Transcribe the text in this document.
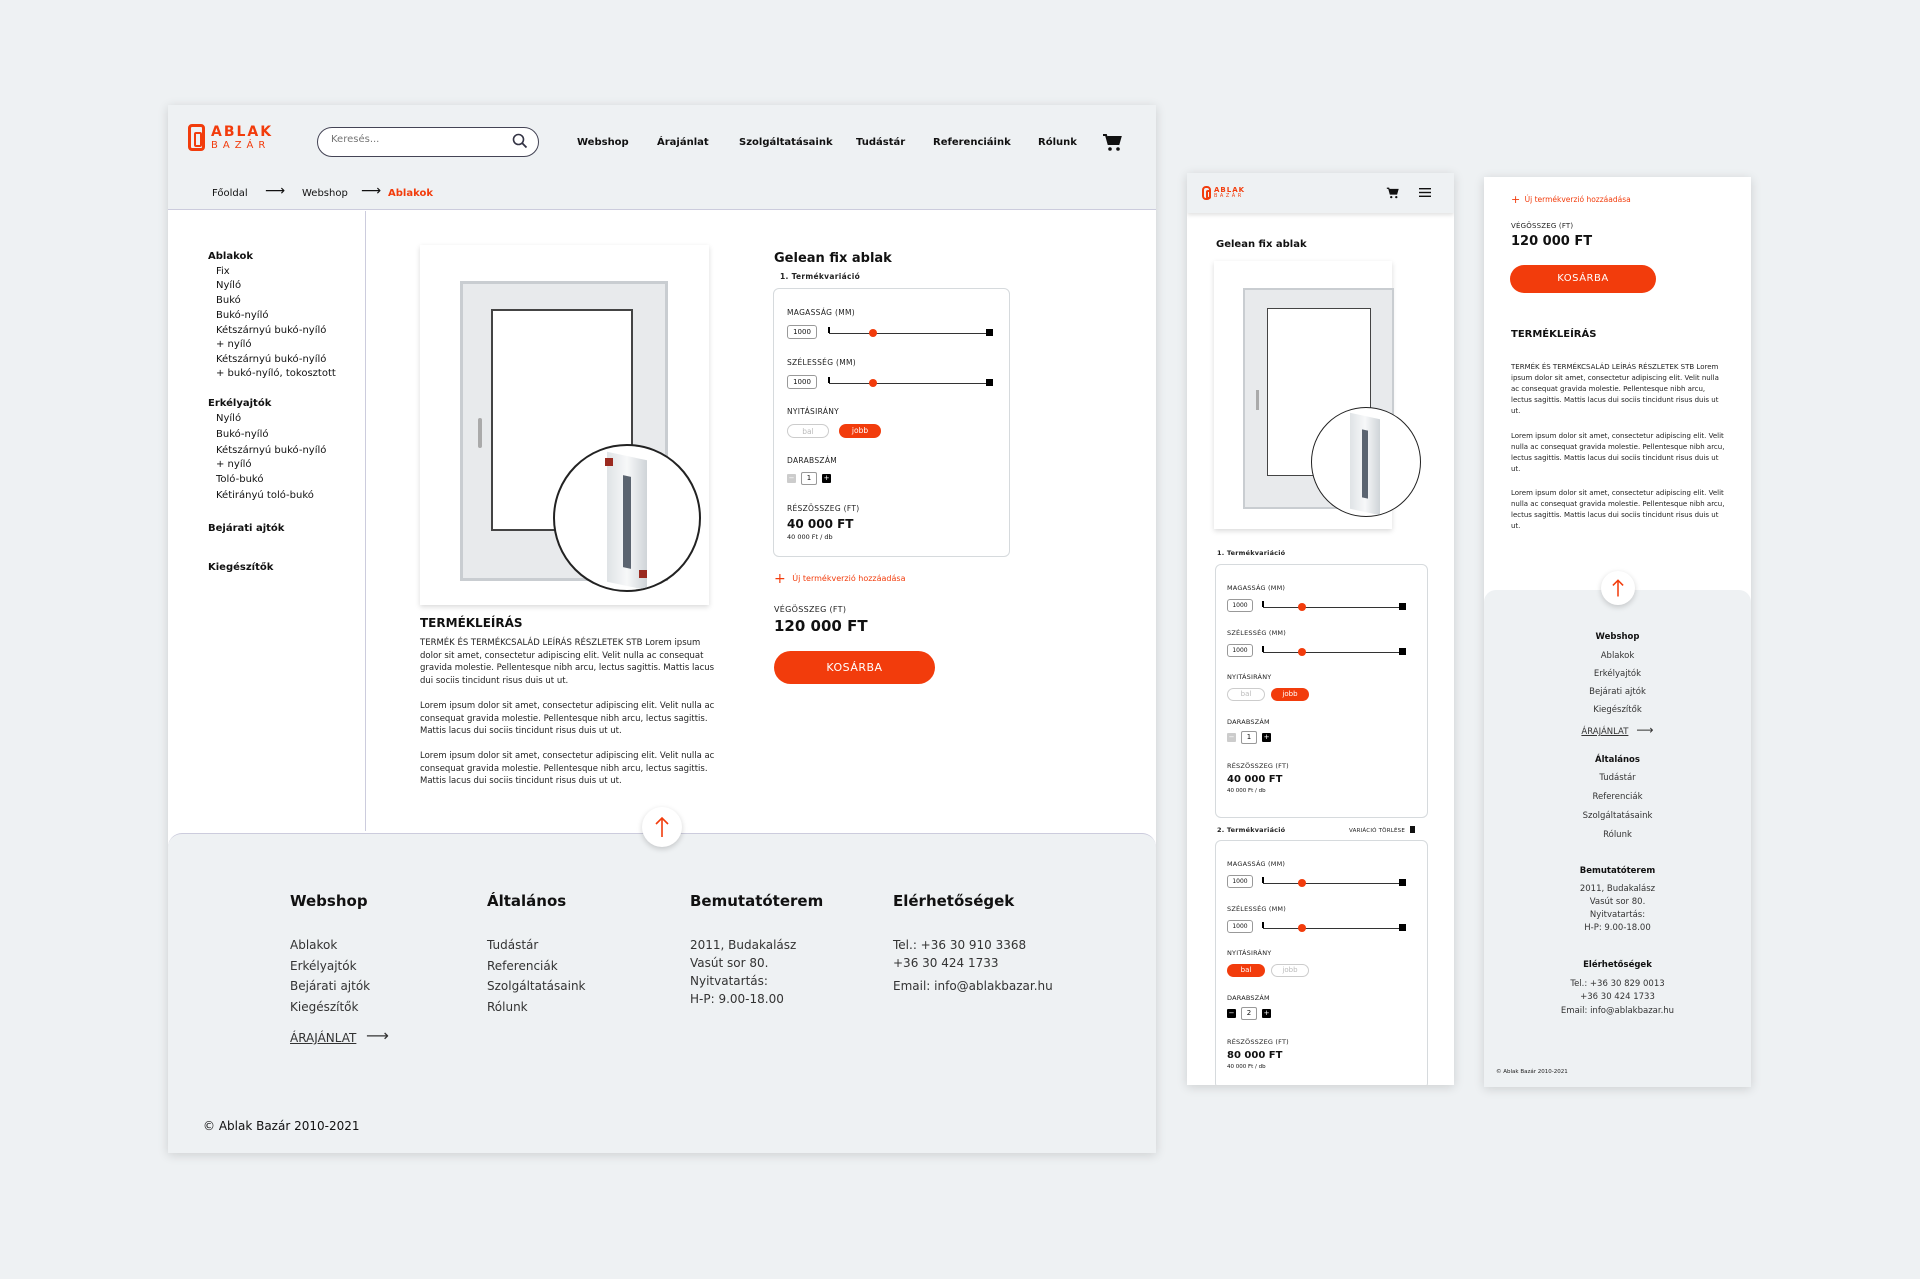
ABLAK
BAZÁR
Keresés...	Webshop	Árajánlat	Szolgáltatásaink Tudástár	Referenciáink	Rólunk
Főoldal ⟶ Webshop ⟶ Ablakok
Ablakok
Fix
Nyíló
Bukó
Bukó-nyíló
Kétszárnyú bukó-nyíló
+ nyíló
Kétszárnyú bukó-nyíló
+ bukó-nyíló, tokosztott
Erkélyajtók
Nyíló
Bukó-nyíló
Kétszárnyú bukó-nyíló
+ nyíló
Toló-bukó
Kétirányú toló-bukó
Bejárati ajtók
Kiegészítők
TERMÉKLEÍRÁS
TERMÉK ÉS TERMÉKCSALÁD LEÍRÁS RÉSZLETEK STB Lorem ipsum dolor sit amet, consectetur adipiscing elit. Velit nulla ac consequat gravida molestie. Pellentesque nibh arcu, lectus sagittis. Mattis lacus dui sociis tincidunt risus duis ut ut.
Lorem ipsum dolor sit amet, consectetur adipiscing elit. Velit nulla ac consequat gravida molestie. Pellentesque nibh arcu, lectus sagittis. Mattis lacus dui sociis tincidunt risus duis ut ut.
Lorem ipsum dolor sit amet, consectetur adipiscing elit. Velit nulla ac consequat gravida molestie. Pellentesque nibh arcu, lectus sagittis. Mattis lacus dui sociis tincidunt risus duis ut ut.
Gelean fix ablak
1. Termékvariáció
MAGASSÁG (MM)
1000
SZÉLESSÉG (MM)
1000
NYITÁSIRÁNY
bal	jobb
DARABSZÁM
−	1	+
RÉSZÖSSZEG (FT)
40 000 FT
40 000 Ft / db
+ Új termékverzió hozzáadása
VÉGÖSSZEG (FT)
120 000 FT
KOSÁRBA
Webshop
Ablakok
Erkélyajtók
Bejárati ajtók
Kiegészítők
ÁRAJÁNLAT ⟶
Általános
Tudástár
Referenciák
Szolgáltatásaink
Rólunk
Bemutatóterem
2011, Budakalász
Vasút sor 80.
Nyitvatartás:
H-P: 9.00-18.00
Elérhetőségek
Tel.: +36 30 910 3368
+36 30 424 1733
Email: info@ablakbazar.hu
© Ablak Bazár 2010-2021
ABLAK
BAZÁR
Gelean fix ablak
1. Termékvariáció
MAGASSÁG (MM)
1000
SZÉLESSÉG (MM)
1000
NYITÁSIRÁNY
bal	jobb
DARABSZÁM
−	1	+
RÉSZÖSSZEG (FT)
40 000 FT
40 000 Ft / db
2. Termékvariáció	VARIÁCIÓ TÖRLÉSE
MAGASSÁG (MM)
1000
SZÉLESSÉG (MM)
1000
NYITÁSIRÁNY
bal	jobb
DARABSZÁM
−	2	+
RÉSZÖSSZEG (FT)
80 000 FT
40 000 Ft / db
+ Új termékverzió hozzáadása
VÉGÖSSZEG (FT)
120 000 FT
KOSÁRBA
TERMÉKLEÍRÁS
TERMÉK ÉS TERMÉKCSALÁD LEÍRÁS RÉSZLETEK STB Lorem ipsum dolor sit amet, consectetur adipiscing elit. Velit nulla ac consequat gravida molestie. Pellentesque nibh arcu, lectus sagittis. Mattis lacus dui sociis tincidunt risus duis ut ut.
Lorem ipsum dolor sit amet, consectetur adipiscing elit. Velit nulla ac consequat gravida molestie. Pellentesque nibh arcu, lectus sagittis. Mattis lacus dui sociis tincidunt risus duis ut ut.
Lorem ipsum dolor sit amet, consectetur adipiscing elit. Velit nulla ac consequat gravida molestie. Pellentesque nibh arcu, lectus sagittis. Mattis lacus dui sociis tincidunt risus duis ut ut.
Webshop
Ablakok
Erkélyajtók
Bejárati ajtók
Kiegészítők
ÁRAJÁNLAT ⟶
Általános
Tudástár
Referenciák
Szolgáltatásaink
Rólunk
Bemutatóterem
2011, Budakalász
Vasút sor 80.
Nyitvatartás:
H-P: 9.00-18.00
Elérhetőségek
Tel.: +36 30 829 0013
+36 30 424 1733
Email: info@ablakbazar.hu
© Ablak Bazár 2010-2021
